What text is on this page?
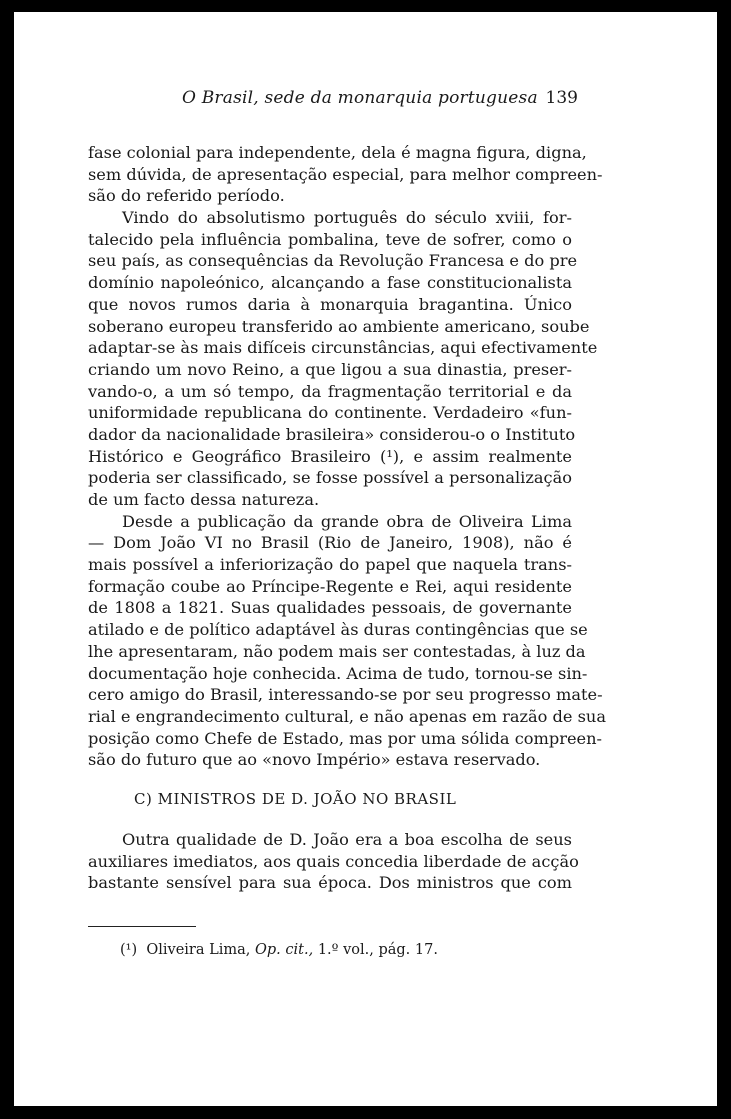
O Brasil, sede da monarquia portuguesa 139
fase colonial para independente, dela é magna figura, digna,
sem dúvida, de apresentação especial, para melhor compreen-
são do referido período.
Vindo do absolutismo português do século xviii, for-
talecido pela influência pombalina, teve de sofrer, como o
seu país, as consequências da Revolução Francesa e do pre
domínio napoleónico, alcançando a fase constitucionalista
que novos rumos daria à monarquia bragantina. Único
soberano europeu transferido ao ambiente americano, soube
adaptar-se às mais difíceis circunstâncias, aqui efectivamente
criando um novo Reino, a que ligou a sua dinastia, preser-
vando-o, a um só tempo, da fragmentação territorial e da
uniformidade republicana do continente. Verdadeiro «fun-
dador da nacionalidade brasileira» considerou-o o Instituto
Histórico e Geográfico Brasileiro (¹), e assim realmente
poderia ser classificado, se fosse possível a personalização
de um facto dessa natureza.
Desde a publicação da grande obra de Oliveira Lima
— Dom João VI no Brasil (Rio de Janeiro, 1908), não é
mais possível a inferiorização do papel que naquela trans-
formação coube ao Príncipe-Regente e Rei, aqui residente
de 1808 a 1821. Suas qualidades pessoais, de governante
atilado e de político adaptável às duras contingências que se
lhe apresentaram, não podem mais ser contestadas, à luz da
documentação hoje conhecida. Acima de tudo, tornou-se sin-
cero amigo do Brasil, interessando-se por seu progresso mate-
rial e engrandecimento cultural, e não apenas em razão de sua
posição como Chefe de Estado, mas por uma sólida compreen-
são do futuro que ao «novo Império» estava reservado.
C) MINISTROS DE D. JOÃO NO BRASIL
Outra qualidade de D. João era a boa escolha de seus
auxiliares imediatos, aos quais concedia liberdade de acção
bastante sensível para sua época. Dos ministros que com
(¹) Oliveira Lima, Op. cit., 1.º vol., pág. 17.
